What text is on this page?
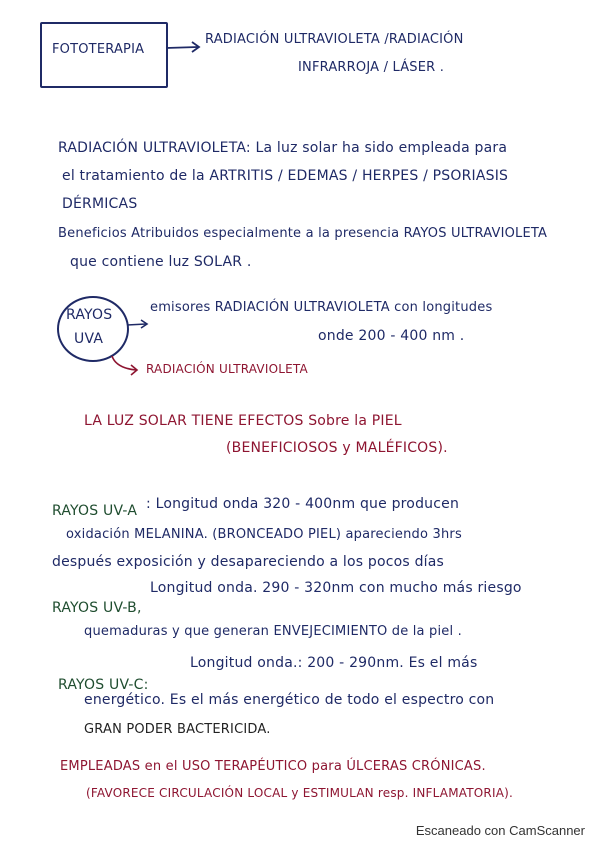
FOTOTERAPIA
RADIACIÓN ULTRAVIOLETA /RADIACIÓN
INFRARROJA / LÁSER .
RADIACIÓN ULTRAVIOLETA: La luz solar ha sido empleada para
el tratamiento de la ARTRITIS / EDEMAS / HERPES / PSORIASIS
DÉRMICAS
Beneficios Atribuidos especialmente a la presencia RAYOS ULTRAVIOLETA
que contiene luz SOLAR .
RAYOS
UVA
emisores RADIACIÓN ULTRAVIOLETA con longitudes
onde 200 - 400 nm .
RADIACIÓN ULTRAVIOLETA
LA LUZ SOLAR TIENE EFECTOS Sobre la PIEL
(BENEFICIOSOS y MALÉFICOS).
RAYOS UV-A : Longitud onda 320 - 400nm que producen
oxidación MELANINA. (BRONCEADO PIEL) apareciendo 3hrs
después exposición y desapareciendo a los pocos días
RAYOS UV-B,
Longitud onda. 290 - 320nm con mucho más riesgo
quemaduras y que generan ENVEJECIMIENTO de la piel .
RAYOS UV-C:
Longitud onda.: 200 - 290nm. Es el más
energético. Es el más energético de todo el espectro con
GRAN PODER BACTERICIDA.
EMPLEADAS en el USO TERAPÉUTICO para ÚLCERAS CRÓNICAS.
(FAVORECE CIRCULACIÓN LOCAL y ESTIMULAN resp. INFLAMATORIA).
Escaneado con CamScanner
